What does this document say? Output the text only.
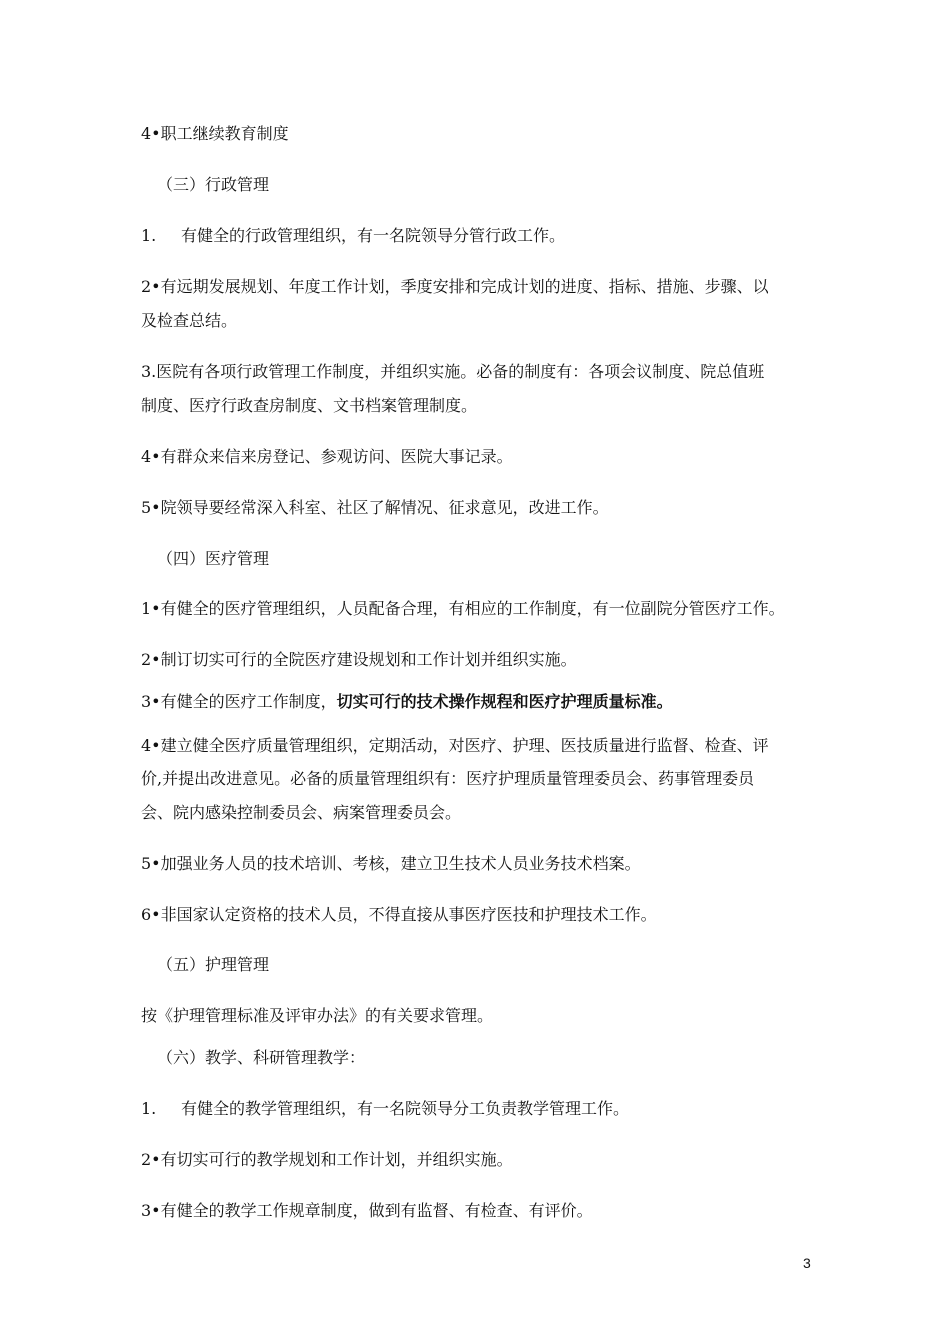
4•职工继续教育制度
（三）行政管理
1. 有健全的行政管理组织，有一名院领导分管行政工作。
2•有远期发展规划、年度工作计划，季度安排和完成计划的进度、指标、措施、步骤、以
及检查总结。
3.医院有各项行政管理工作制度，并组织实施。必备的制度有：各项会议制度、院总值班
制度、医疗行政查房制度、文书档案管理制度。
4•有群众来信来房登记、参观访问、医院大事记录。
5•院领导要经常深入科室、社区了解情况、征求意见，改进工作。
（四）医疗管理
1•有健全的医疗管理组织，人员配备合理，有相应的工作制度，有一位副院分管医疗工作。
2•制订切实可行的全院医疗建设规划和工作计划并组织实施。
3•有健全的医疗工作制度，切实可行的技术操作规程和医疗护理质量标准。
4•建立健全医疗质量管理组织，定期活动，对医疗、护理、医技质量进行监督、检查、评
价,并提出改进意见。必备的质量管理组织有：医疗护理质量管理委员会、药事管理委员
会、院内感染控制委员会、病案管理委员会。
5•加强业务人员的技术培训、考核，建立卫生技术人员业务技术档案。
6•非国家认定资格的技术人员，不得直接从事医疗医技和护理技术工作。
（五）护理管理
按《护理管理标准及评审办法》的有关要求管理。
（六）教学、科研管理教学：
1. 有健全的教学管理组织，有一名院领导分工负责教学管理工作。
2•有切实可行的教学规划和工作计划，并组织实施。
3•有健全的教学工作规章制度，做到有监督、有检查、有评价。
3
